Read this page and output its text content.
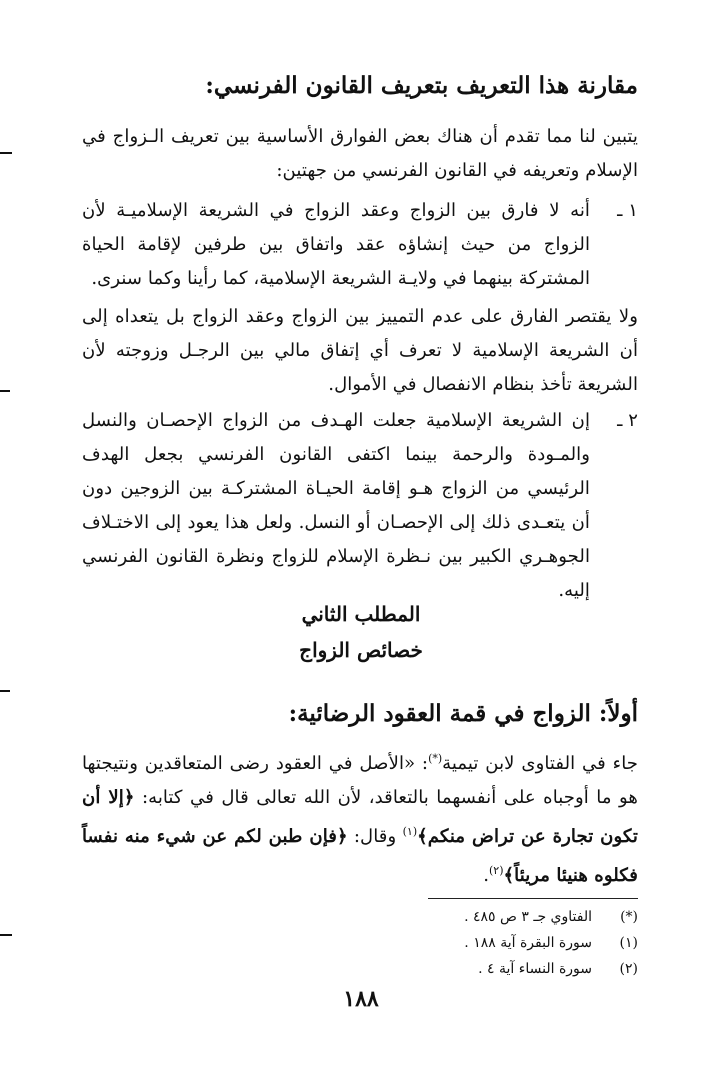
مقارنة هذا التعريف بتعريف القانون الفرنسي:
يتبين لنا مما تقدم أن هناك بعض الفوارق الأساسية بين تعريف الـزواج في الإسلام وتعريفه في القانون الفرنسي من جهتين:
١ ـ
أنه لا فارق بين الزواج وعقد الزواج في الشريعة الإسلاميـة لأن الزواج من حيث إنشاؤه عقد واتفاق بين طرفين لإقامة الحياة المشتركة بينهما في ولايـة الشريعة الإسلامية، كما رأينا وكما سنرى.
ولا يقتصر الفارق على عدم التمييز بين الزواج وعقد الزواج بل يتعداه إلى أن الشريعة الإسلامية لا تعرف أي إتفاق مالي بين الرجـل وزوجته لأن الشريعة تأخذ بنظام الانفصال في الأموال.
٢ ـ
إن الشريعة الإسلامية جعلت الهـدف من الزواج الإحصـان والنسل والمـودة والرحمة بينما اكتفى القانون الفرنسي بجعل الهدف الرئيسي من الزواج هـو إقامة الحيـاة المشتركـة بين الزوجين دون أن يتعـدى ذلك إلى الإحصـان أو النسل. ولعل هذا يعود إلى الاختـلاف الجوهـري الكبير بين نـظرة الإسلام للزواج ونظرة القانون الفرنسي إليه.
المطلب الثاني
خصائص الزواج
أولاً: الزواج في قمة العقود الرضائية:
جاء في الفتاوى لابن تيمية(*): «الأصل في العقود رضى المتعاقدين ونتيجتها هو ما أوجباه على أنفسهما بالتعاقد، لأن الله تعالى قال في كتابه: ﴿إلا أن تكون تجارة عن تراض منكم﴾$^{(١)}$ وقال: ﴿فإن طبن لكم عن شيء منه نفساً فكلوه هنيئا مريئاً﴾$^{(٢)}$.
(*)الفتاوي جـ ٣ ص ٤٨٥ .
(١)سورة البقرة آية ١٨٨ .
(٢)سورة النساء آية ٤ .
١٨٨
